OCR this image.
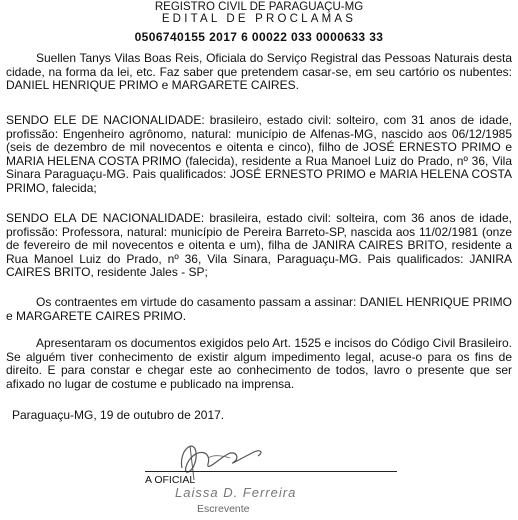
REGISTRO CIVIL DE PARAGUAÇU-MG
EDITAL DE PROCLAMAS
0506740155 2017 6 00022 033 0000633 33

Suellen Tanys Vilas Boas Reis, Oficiala do Serviço Registral das Pessoas Naturais desta cidade, na forma da lei, etc. Faz saber que pretendem casar-se, em seu cartório os nubentes: DANIEL HENRIQUE PRIMO e MARGARETE CAIRES.

SENDO ELE DE NACIONALIDADE: brasileiro, estado civil: solteiro, com 31 anos de idade, profissão: Engenheiro agrônomo, natural: município de Alfenas-MG, nascido aos 06/12/1985 (seis de dezembro de mil novecentos e oitenta e cinco), filho de JOSÉ ERNESTO PRIMO e MARIA HELENA COSTA PRIMO (falecida), residente a Rua Manoel Luiz do Prado, nº 36, Vila Sinara Paraguaçu-MG. Pais qualificados: JOSÉ ERNESTO PRIMO e MARIA HELENA COSTA PRIMO, falecida;

SENDO ELA DE NACIONALIDADE: brasileira, estado civil: solteira, com 36 anos de idade, profissão: Professora, natural: município de Pereira Barreto-SP, nascida aos 11/02/1981 (onze de fevereiro de mil novecentos e oitenta e um), filha de JANIRA CAIRES BRITO, residente a Rua Manoel Luiz do Prado, nº 36, Vila Sinara, Paraguaçu-MG. Pais qualificados: JANIRA CAIRES BRITO, residente Jales - SP;

Os contraentes em virtude do casamento passam a assinar: DANIEL HENRIQUE PRIMO e MARGARETE CAIRES PRIMO.

Apresentaram os documentos exigidos pelo Art. 1525 e incisos do Código Civil Brasileiro. Se alguém tiver conhecimento de existir algum impedimento legal, acuse-o para os fins de direito. E para constar e chegar este ao conhecimento de todos, lavro o presente que ser afixado no lugar de costume e publicado na imprensa.

Paraguaçu-MG, 19 de outubro de 2017.

A OFICIAL

Laissa D. Ferreira

Escrevente
